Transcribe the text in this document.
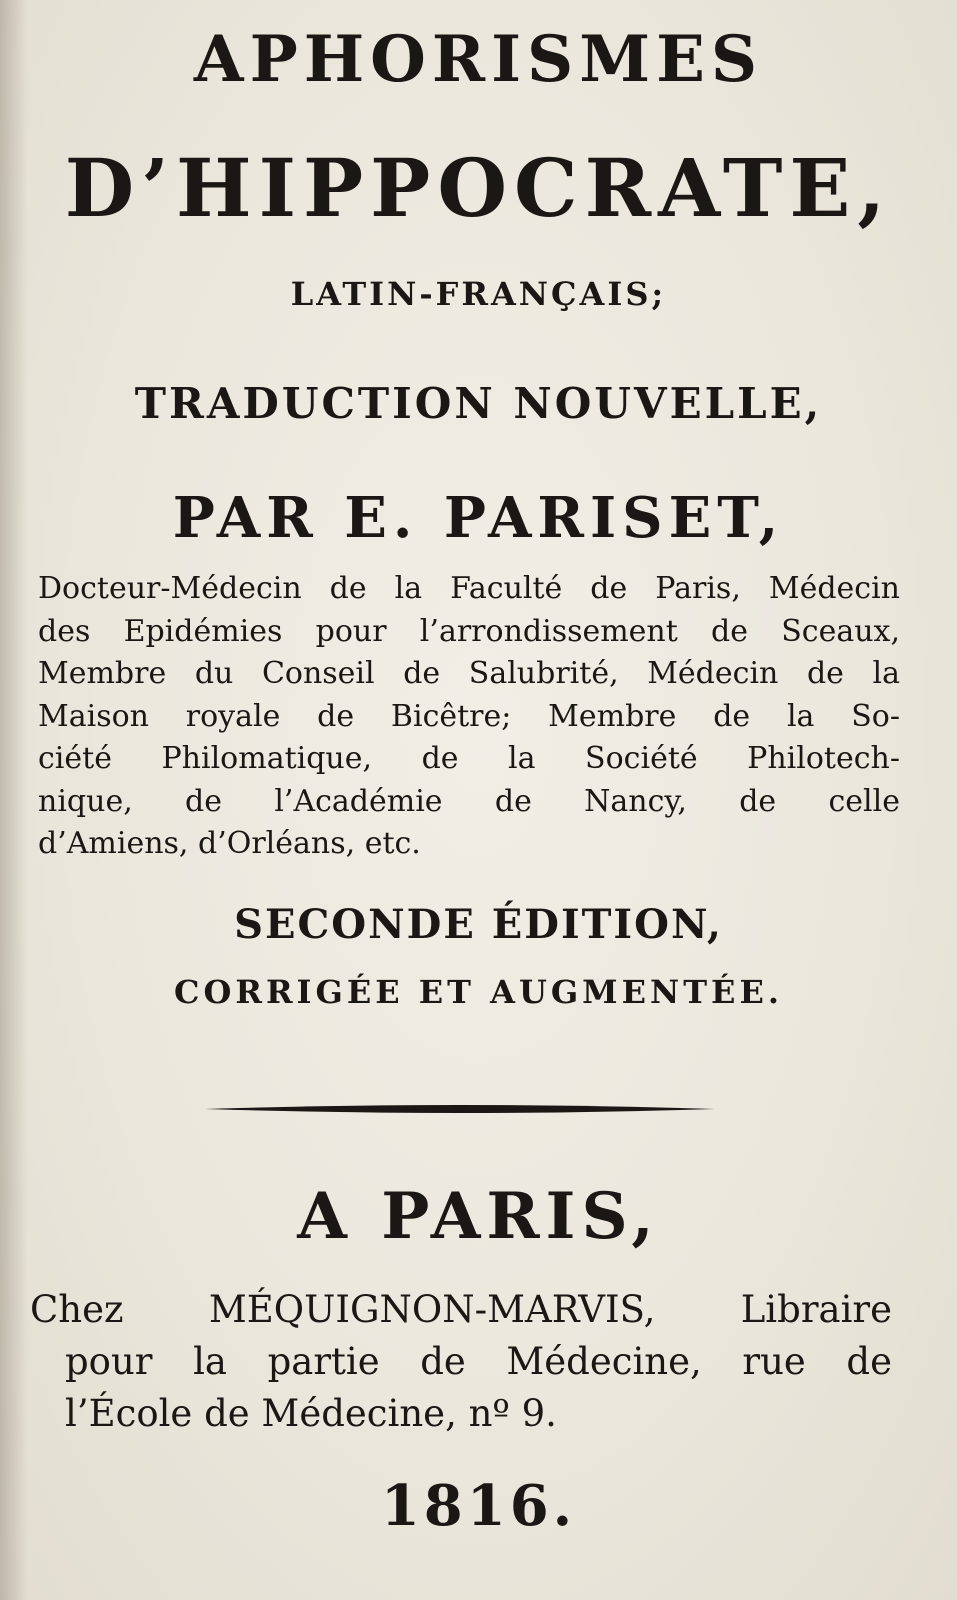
APHORISMES
D’HIPPOCRATE,
LATIN-FRANÇAIS;
TRADUCTION NOUVELLE,
PAR E. PARISET,
Docteur-Médecin de la Faculté de Paris, Médecin
des Epidémies pour l’arrondissement de Sceaux,
Membre du Conseil de Salubrité, Médecin de la
Maison royale de Bicêtre; Membre de la So-
ciété Philomatique, de la Société Philotech-
nique, de l’Académie de Nancy, de celle
d’Amiens, d’Orléans, etc.
SECONDE ÉDITION,
CORRIGÉE ET AUGMENTÉE.
A PARIS,
Chez MÉQUIGNON-MARVIS, Libraire
pour la partie de Médecine, rue de
l’École de Médecine, nº 9.
1816.
